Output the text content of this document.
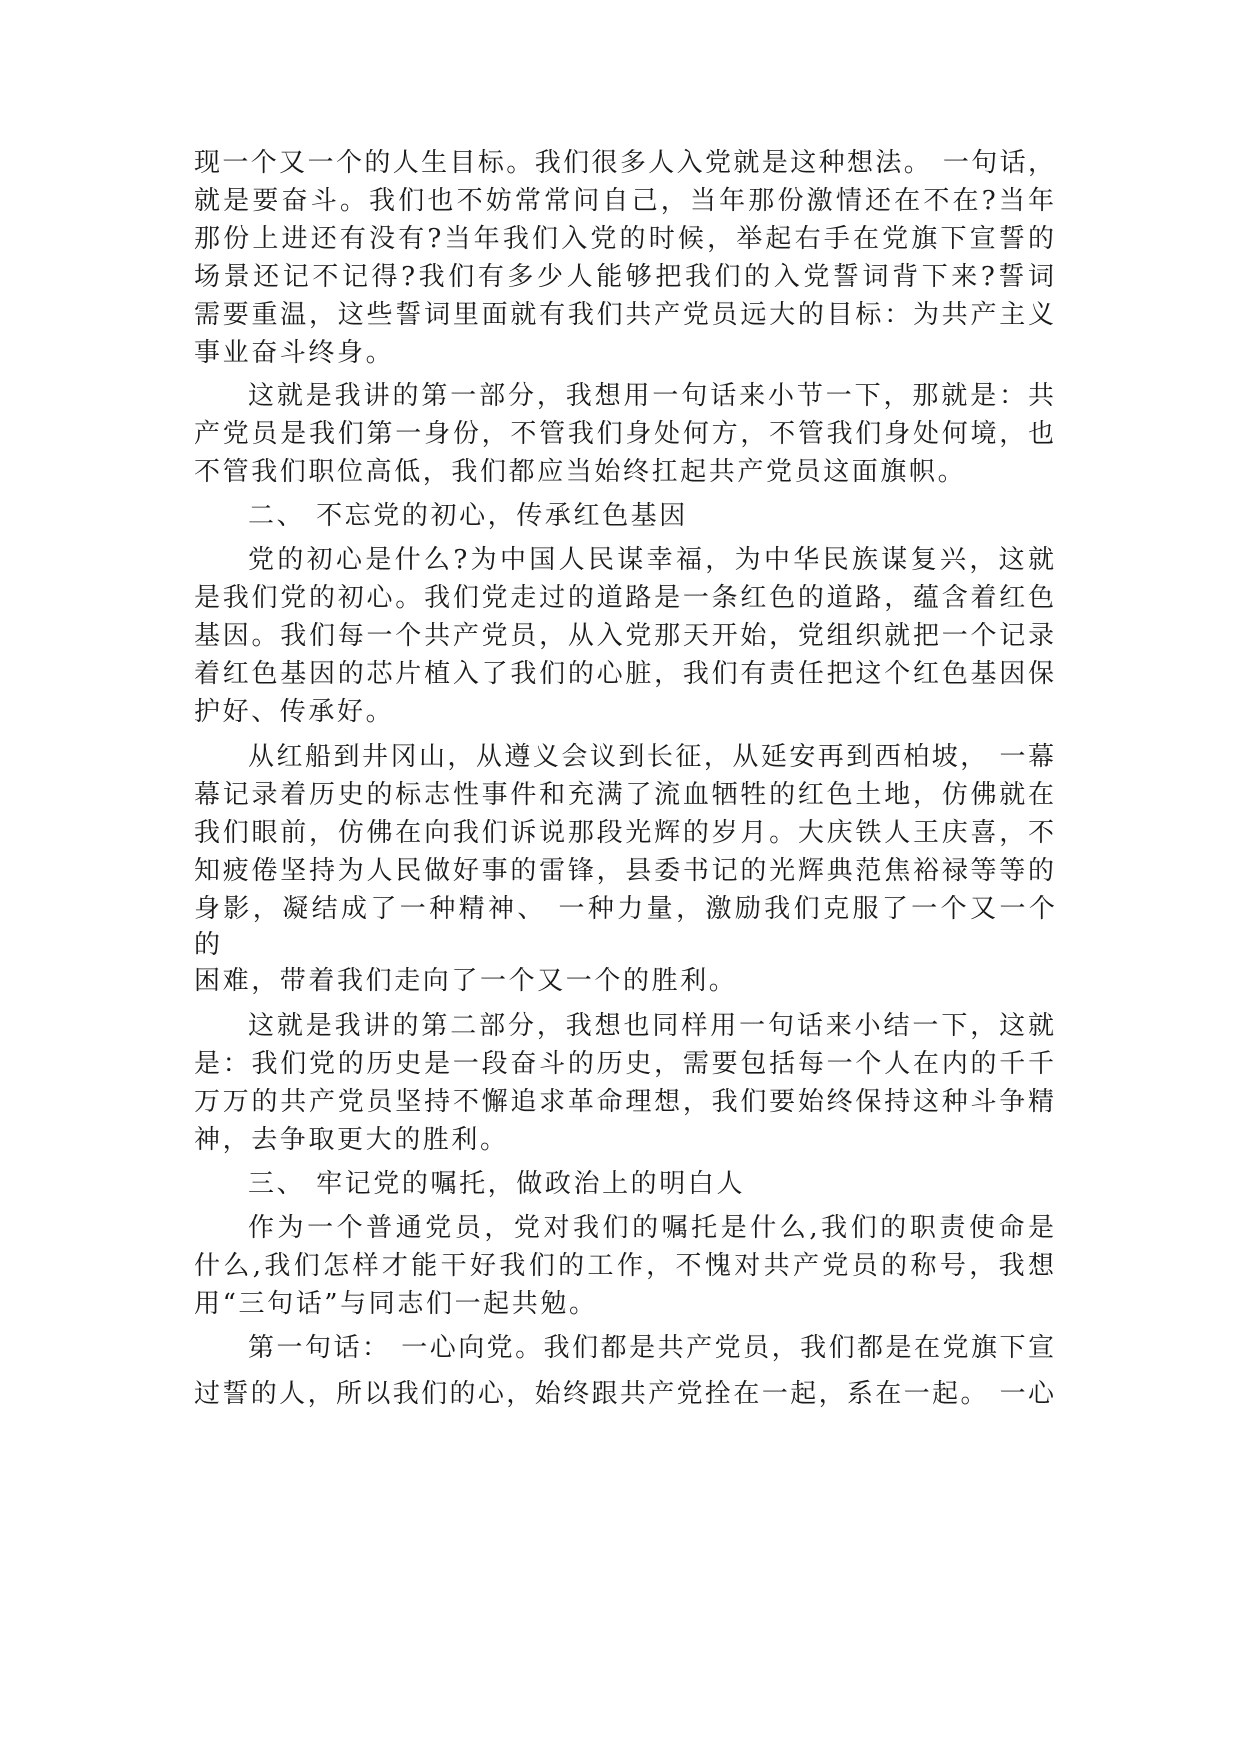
现一个又一个的人生目标。我们很多人入党就是这种想法。 一句话，
就是要奋斗。我们也不妨常常问自己，当年那份激情还在不在?当年
那份上进还有没有?当年我们入党的时候，举起右手在党旗下宣誓的
场景还记不记得?我们有多少人能够把我们的入党誓词背下来?誓词
需要重温，这些誓词里面就有我们共产党员远大的目标：为共产主义
事业奋斗终身。
这就是我讲的第一部分，我想用一句话来小节一下，那就是：共
产党员是我们第一身份，不管我们身处何方，不管我们身处何境，也
不管我们职位高低，我们都应当始终扛起共产党员这面旗帜。
二、 不忘党的初心，传承红色基因
党的初心是什么?为中国人民谋幸福，为中华民族谋复兴，这就
是我们党的初心。我们党走过的道路是一条红色的道路，蕴含着红色
基因。我们每一个共产党员，从入党那天开始，党组织就把一个记录
着红色基因的芯片植入了我们的心脏，我们有责任把这个红色基因保
护好、传承好。
从红船到井冈山，从遵义会议到长征，从延安再到西柏坡， 一幕
幕记录着历史的标志性事件和充满了流血牺牲的红色土地，仿佛就在
我们眼前，仿佛在向我们诉说那段光辉的岁月。大庆铁人王庆喜，不
知疲倦坚持为人民做好事的雷锋，县委书记的光辉典范焦裕禄等等的
身影，凝结成了一种精神、 一种力量，激励我们克服了一个又一个
的
困难，带着我们走向了一个又一个的胜利。
这就是我讲的第二部分，我想也同样用一句话来小结一下，这就
是：我们党的历史是一段奋斗的历史，需要包括每一个人在内的千千
万万的共产党员坚持不懈追求革命理想，我们要始终保持这种斗争精
神，去争取更大的胜利。
三、 牢记党的嘱托，做政治上的明白人
作为一个普通党员，党对我们的嘱托是什么,我们的职责使命是
什么,我们怎样才能干好我们的工作，不愧对共产党员的称号，我想
用“三句话”与同志们一起共勉。
第一句话： 一心向党。我们都是共产党员，我们都是在党旗下宣
过誓的人，所以我们的心，始终跟共产党拴在一起，系在一起。 一心
